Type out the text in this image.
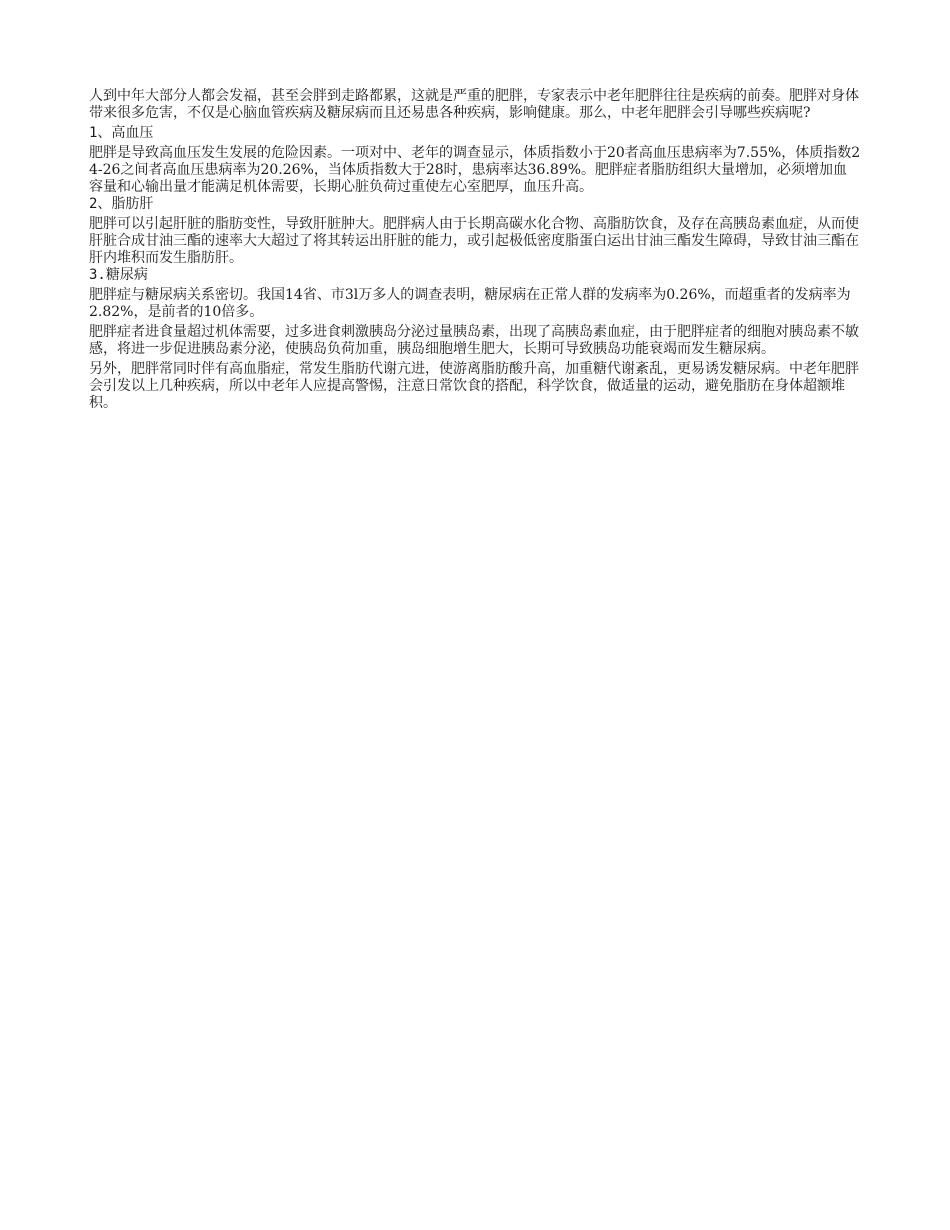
人到中年大部分人都会发福，甚至会胖到走路都累，这就是严重的肥胖，专家表示中老年肥胖往往是疾病的前奏。肥胖对身体带来很多危害，不仅是心脑血管疾病及糖尿病而且还易患各种疾病，影响健康。那么，中老年肥胖会引导哪些疾病呢?

1、高血压

肥胖是导致高血压发生发展的危险因素。一项对中、老年的调查显示，体质指数小于20者高血压患病率为7.55%，体质指数24-26之间者高血压患病率为20.26%，当体质指数大于28时，患病率达36.89%。肥胖症者脂肪组织大量增加，必须增加血容量和心输出量才能满足机体需要，长期心脏负荷过重使左心室肥厚，血压升高。

2、脂肪肝

肥胖可以引起肝脏的脂肪变性，导致肝脏肿大。肥胖病人由于长期高碳水化合物、高脂肪饮食，及存在高胰岛素血症，从而使肝脏合成甘油三酯的速率大大超过了将其转运出肝脏的能力，或引起极低密度脂蛋白运出甘油三酯发生障碍，导致甘油三酯在肝内堆积而发生脂肪肝。

3.糖尿病

肥胖症与糖尿病关系密切。我国14省、市3l万多人的调查表明，糖尿病在正常人群的发病率为0.26%，而超重者的发病率为2.82%，是前者的10倍多。

肥胖症者进食量超过机体需要，过多进食刺激胰岛分泌过量胰岛素，出现了高胰岛素血症，由于肥胖症者的细胞对胰岛素不敏感，将进一步促进胰岛素分泌，使胰岛负荷加重，胰岛细胞增生肥大，长期可导致胰岛功能衰竭而发生糖尿病。

另外，肥胖常同时伴有高血脂症，常发生脂肪代谢亢进，使游离脂肪酸升高，加重糖代谢紊乱，更易诱发糖尿病。中老年肥胖会引发以上几种疾病，所以中老年人应提高警惕，注意日常饮食的搭配，科学饮食，做适量的运动，避免脂肪在身体超额堆积。
